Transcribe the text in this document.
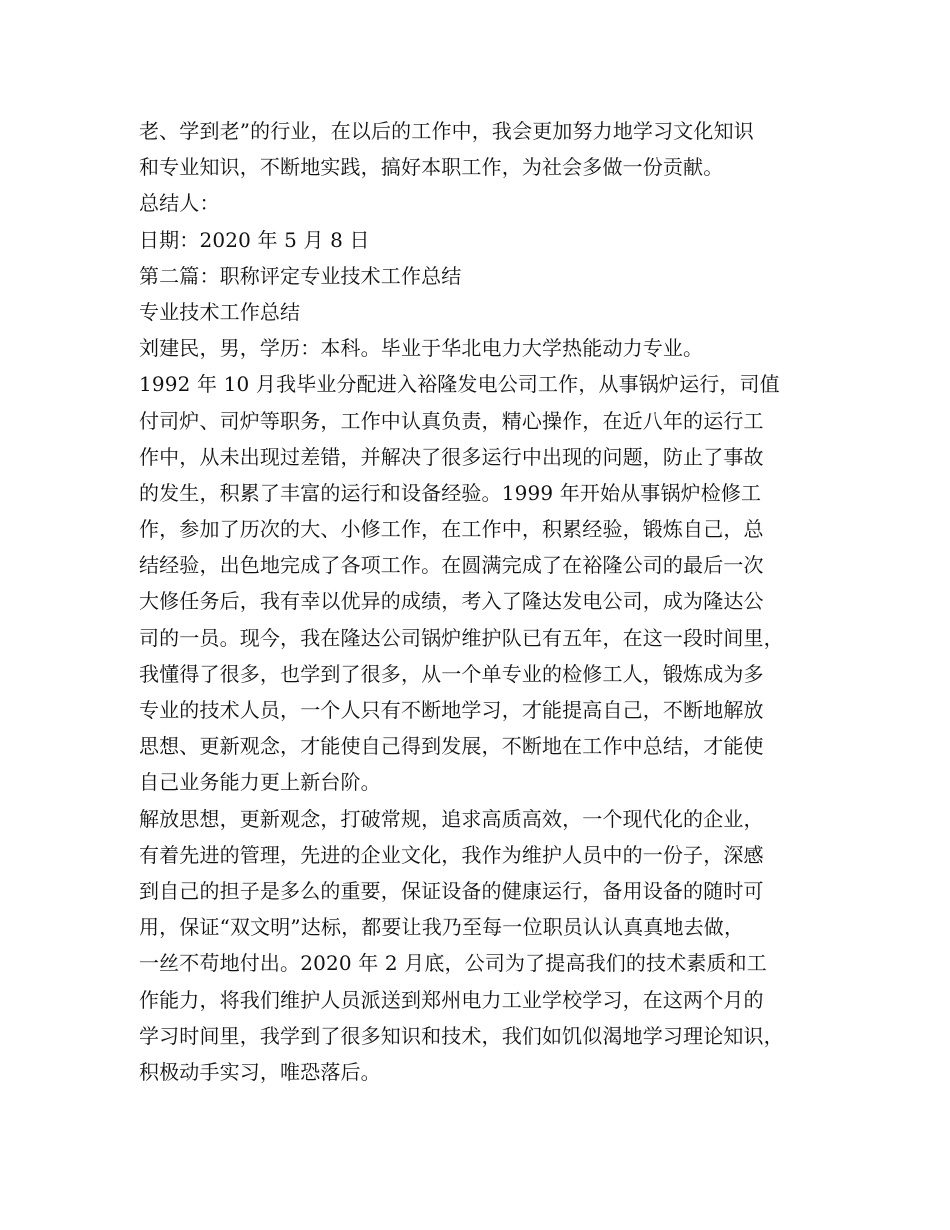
老、学到老”的行业，在以后的工作中，我会更加努力地学习文化知识
和专业知识，不断地实践，搞好本职工作，为社会多做一份贡献。
总结人：
日期：2020 年 5 月 8 日
第二篇：职称评定专业技术工作总结
专业技术工作总结
刘建民，男，学历：本科。毕业于华北电力大学热能动力专业。
1992 年 10 月我毕业分配进入裕隆发电公司工作，从事锅炉运行，司值
付司炉、司炉等职务，工作中认真负责，精心操作，在近八年的运行工
作中，从未出现过差错，并解决了很多运行中出现的问题，防止了事故
的发生，积累了丰富的运行和设备经验。1999 年开始从事锅炉检修工
作，参加了历次的大、小修工作，在工作中，积累经验，锻炼自己，总
结经验，出色地完成了各项工作。在圆满完成了在裕隆公司的最后一次
大修任务后，我有幸以优异的成绩，考入了隆达发电公司，成为隆达公
司的一员。现今，我在隆达公司锅炉维护队已有五年，在这一段时间里，
我懂得了很多，也学到了很多，从一个单专业的检修工人，锻炼成为多
专业的技术人员，一个人只有不断地学习，才能提高自己，不断地解放
思想、更新观念，才能使自己得到发展，不断地在工作中总结，才能使
自己业务能力更上新台阶。
解放思想，更新观念，打破常规，追求高质高效，一个现代化的企业，
有着先进的管理，先进的企业文化，我作为维护人员中的一份子，深感
到自己的担子是多么的重要，保证设备的健康运行，备用设备的随时可
用，保证“双文明”达标，都要让我乃至每一位职员认认真真地去做，
一丝不苟地付出。2020 年 2 月底，公司为了提高我们的技术素质和工
作能力，将我们维护人员派送到郑州电力工业学校学习，在这两个月的
学习时间里，我学到了很多知识和技术，我们如饥似渴地学习理论知识，
积极动手实习，唯恐落后。
